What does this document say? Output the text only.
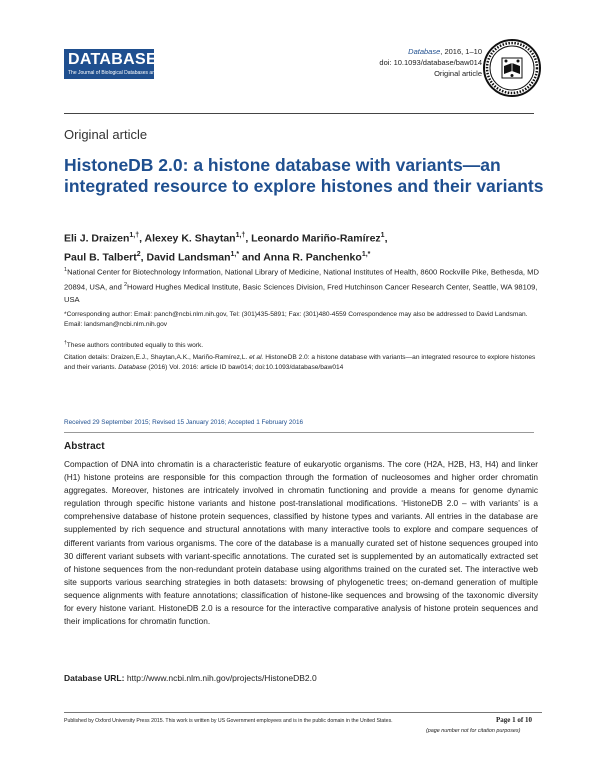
DATABASE
The Journal of Biological Databases and Curation
Database, 2016, 1–10
doi: 10.1093/database/baw014
Original article
Original article
HistoneDB 2.0: a histone database with variants—an integrated resource to explore histones and their variants
Eli J. Draizen$^{1,\dagger}$, Alexey K. Shaytan$^{1,\dagger}$, Leonardo Mariño-Ramírez$^1$,
Paul B. Talbert$^2$, David Landsman$^{1,*}$ and Anna R. Panchenko$^{1,*}$
$^1$National Center for Biotechnology Information, National Library of Medicine, National Institutes of Health, 8600 Rockville Pike, Bethesda, MD 20894, USA, and $^2$Howard Hughes Medical Institute, Basic Sciences Division, Fred Hutchinson Cancer Research Center, Seattle, WA 98109, USA
*Corresponding author: Email: panch@ncbi.nlm.nih.gov, Tel: (301)435-5891; Fax: (301)480-4559 Correspondence may also be addressed to David Landsman. Email: landsman@ncbi.nlm.nih.gov
†These authors contributed equally to this work.
Citation details: Draizen,E.J., Shaytan,A.K., Mariño-Ramírez,L. et al. HistoneDB 2.0: a histone database with variants—an integrated resource to explore histones and their variants. Database (2016) Vol. 2016: article ID baw014; doi:10.1093/database/baw014
Received 29 September 2015; Revised 15 January 2016; Accepted 1 February 2016
Abstract
Compaction of DNA into chromatin is a characteristic feature of eukaryotic organisms. The core (H2A, H2B, H3, H4) and linker (H1) histone proteins are responsible for this compaction through the formation of nucleosomes and higher order chromatin aggregates. Moreover, histones are intricately involved in chromatin functioning and provide a means for genome dynamic regulation through specific histone variants and histone post-translational modifications. ‘HistoneDB 2.0 – with variants’ is a comprehensive database of histone protein sequences, classified by histone types and variants. All entries in the database are supplemented by rich sequence and structural annotations with many interactive tools to explore and compare sequences of different variants from various organisms. The core of the database is a manually curated set of histone sequences grouped into 30 different variant subsets with variant-specific annotations. The curated set is supplemented by an automatically extracted set of histone sequences from the non-redundant protein database using algorithms trained on the curated set. The interactive web site supports various searching strategies in both datasets: browsing of phylogenetic trees; on-demand generation of multiple sequence alignments with feature annotations; classification of histone-like sequences and browsing of the taxonomic diversity for every histone variant. HistoneDB 2.0 is a resource for the interactive comparative analysis of histone protein sequences and their implications for chromatin function.
Database URL: http://www.ncbi.nlm.nih.gov/projects/HistoneDB2.0
Published by Oxford University Press 2015. This work is written by US Government employees and is in the public domain in the United States.	Page 1 of 10
(page number not for citation purposes)
